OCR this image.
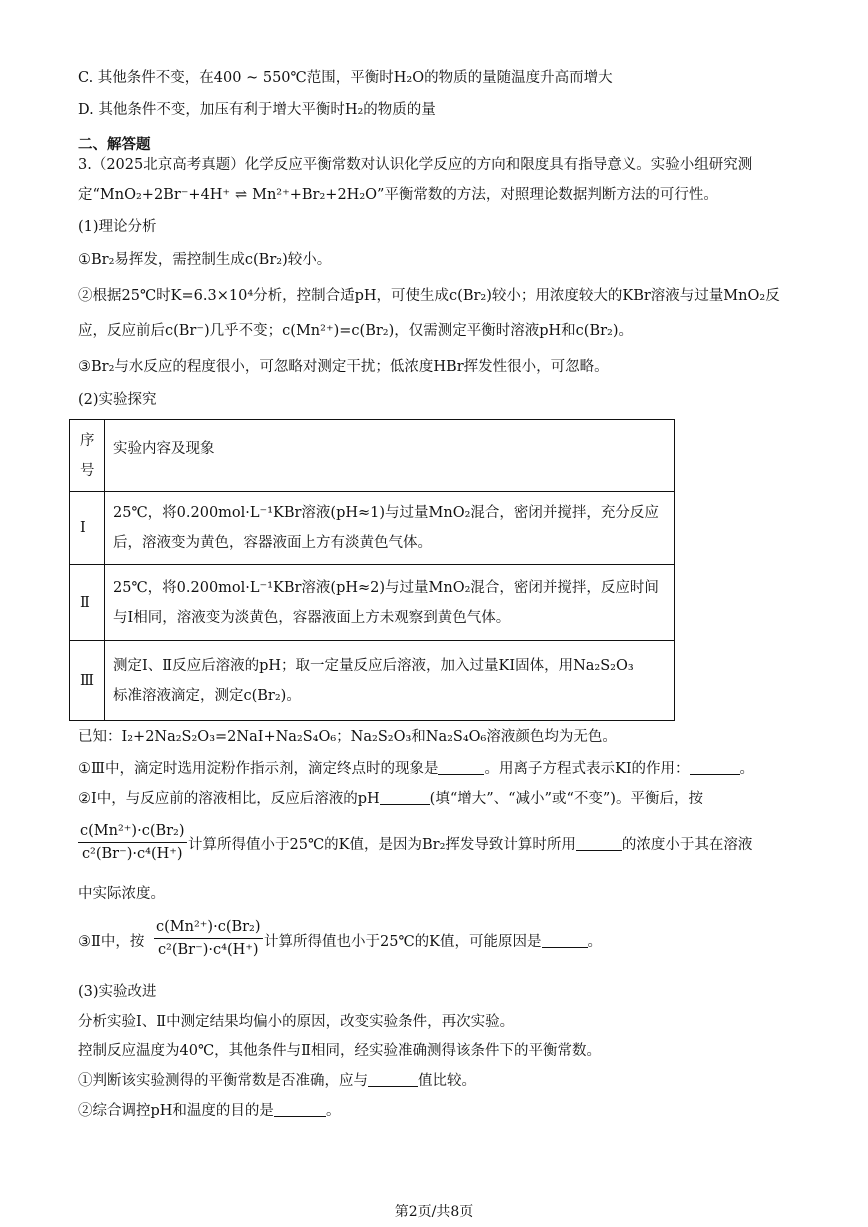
C. 其他条件不变，在400 ~ 550℃范围，平衡时H₂O的物质的量随温度升高而增大
D. 其他条件不变，加压有利于增大平衡时H₂的物质的量
二、解答题
3.（2025北京高考真题）化学反应平衡常数对认识化学反应的方向和限度具有指导意义。实验小组研究测
定“MnO₂+2Br⁻+4H⁺ ⇌ Mn²⁺+Br₂+2H₂O”平衡常数的方法，对照理论数据判断方法的可行性。
(1)理论分析
①Br₂易挥发，需控制生成c(Br₂)较小。
②根据25℃时K=6.3×10⁴分析，控制合适pH，可使生成c(Br₂)较小；用浓度较大的KBr溶液与过量MnO₂反
应，反应前后c(Br⁻)几乎不变；c(Mn²⁺)=c(Br₂)，仅需测定平衡时溶液pH和c(Br₂)。
③Br₂与水反应的程度很小，可忽略对测定干扰；低浓度HBr挥发性很小，可忽略。
(2)实验探究
序
号	实验内容及现象
I	25℃，将0.200mol·L⁻¹KBr溶液(pH≈1)与过量MnO₂混合，密闭并搅拌，充分反应
后，溶液变为黄色，容器液面上方有淡黄色气体。

Ⅱ	25℃，将0.200mol·L⁻¹KBr溶液(pH≈2)与过量MnO₂混合，密闭并搅拌，反应时间
与I相同，溶液变为淡黄色，容器液面上方未观察到黄色气体。

Ⅲ	测定I、Ⅱ反应后溶液的pH；取一定量反应后溶液，加入过量KI固体，用Na₂S₂O₃
标准溶液滴定，测定c(Br₂)。
已知：I₂+2Na₂S₂O₃=2NaI+Na₂S₄O₆；Na₂S₂O₃和Na₂S₄O₆溶液颜色均为无色。
①Ⅲ中，滴定时选用淀粉作指示剂，滴定终点时的现象是	。用离子方程式表示KI的作用：	。
②I中，与反应前的溶液相比，反应后溶液的pH	(填“增大”、“减小”或“不变”)。平衡后，按
c(Mn²⁺)·c(Br₂)
c²(Br⁻)·c⁴(H⁺)
计算所得值小于25℃的K值，是因为Br₂挥发导致计算时所用	的浓度小于其在溶液
中实际浓度。
③Ⅱ中，按
c(Mn²⁺)·c(Br₂)
c²(Br⁻)·c⁴(H⁺) 计算所得值也小于25℃的K值，可能原因是	。
(3)实验改进
分析实验I、Ⅱ中测定结果均偏小的原因，改变实验条件，再次实验。
控制反应温度为40℃，其他条件与Ⅱ相同，经实验准确测得该条件下的平衡常数。
①判断该实验测得的平衡常数是否准确，应与	值比较。
②综合调控pH和温度的目的是	。
第2页/共8页
